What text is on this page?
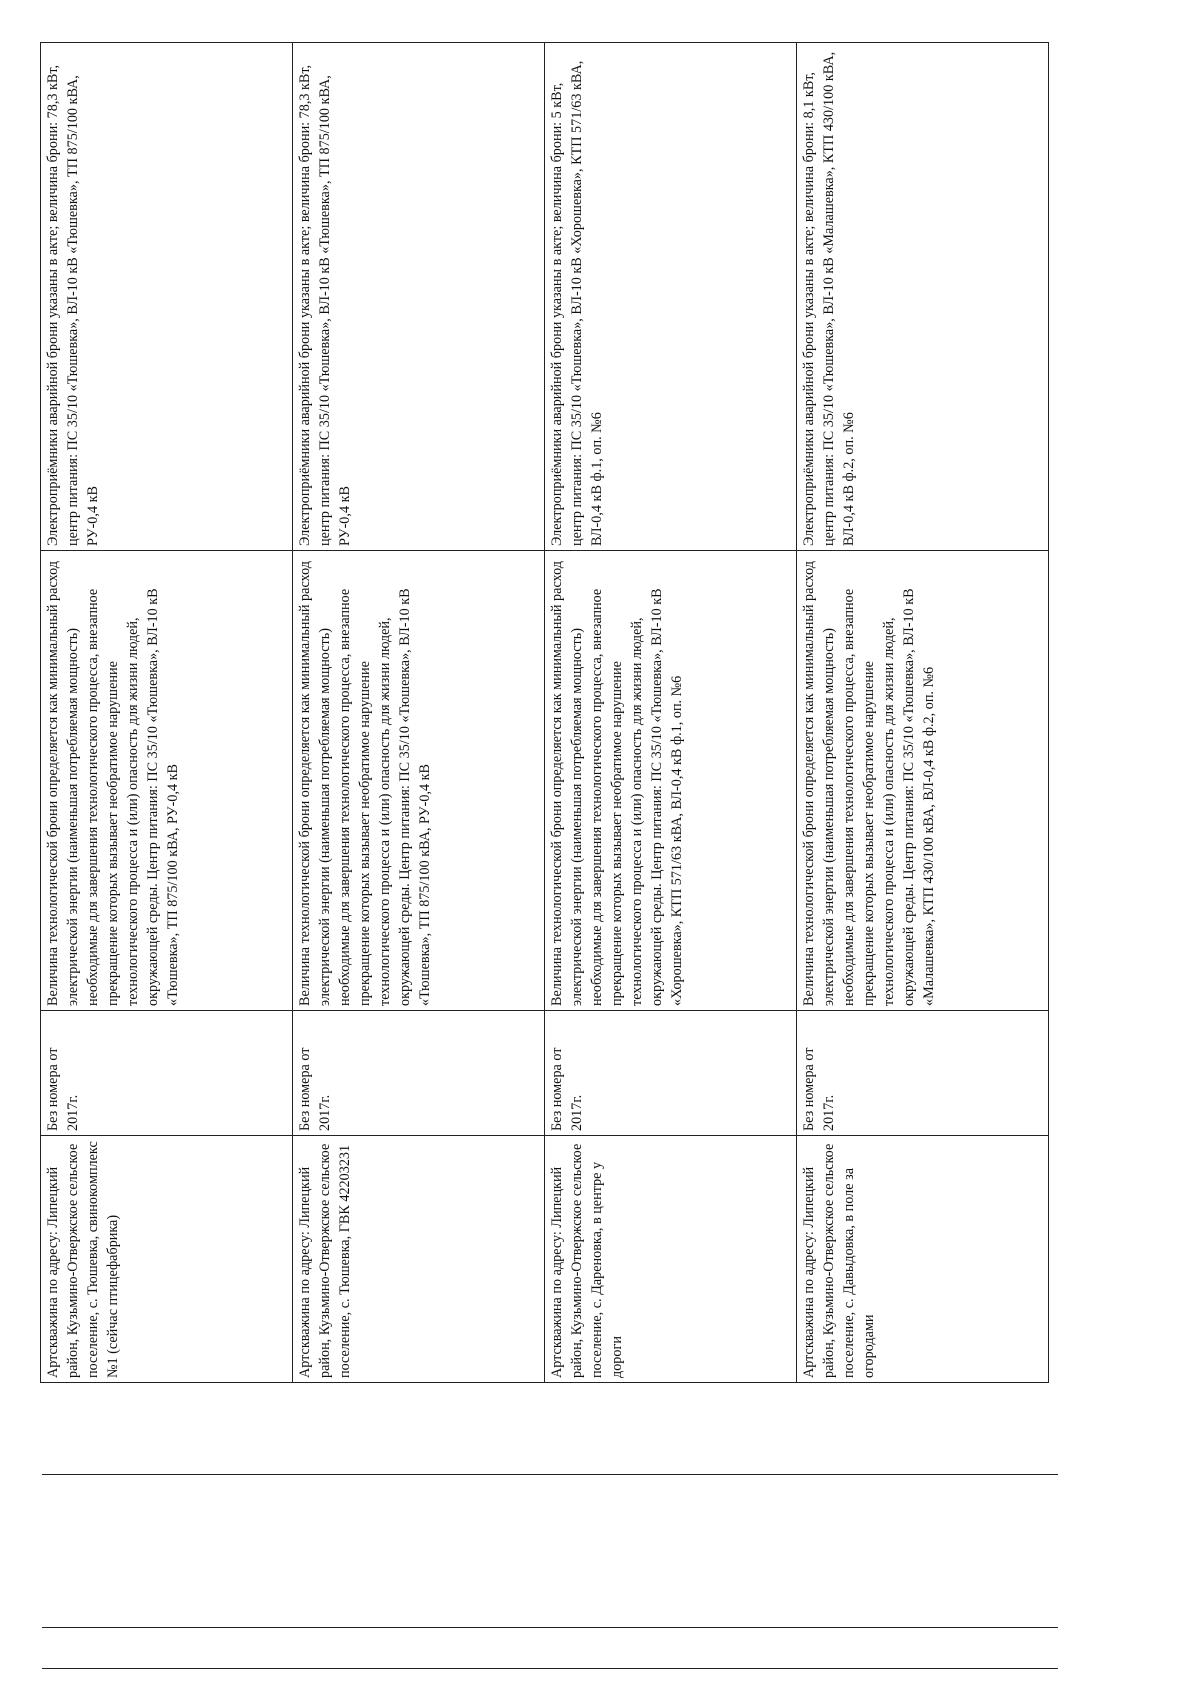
Артскважина по адресу: Липецкий район, Кузьмино-Отвержское сельское поселение, с. Тюшевка, свинокомплекс №1 (сейчас птицефабрика)	Без номера от 2017г.	Величина технологической брони определяется как минимальный расход электрической энергии (наименьшая потребляемая мощность) необходимые для завершения технологического процесса, внезапное прекращение которых вызывает необратимое нарушение технологического процесса и (или) опасность для жизни людей, окружающей среды. Центр питания: ПС 35/10 «Тюшевка», ВЛ-10 кВ «Тюшевка», ТП 875/100 кВА, РУ-0,4 кВ	Электроприёмники аварийной брони указаны в акте; величина брони: 78,3 кВт, центр питания: ПС 35/10 «Тюшевка», ВЛ-10 кВ «Тюшевка», ТП 875/100 кВА, РУ-0,4 кВ
Артскважина по адресу: Липецкий район, Кузьмино-Отвержское сельское поселение, с. Тюшевка, ГВК 42203231	Без номера от 2017г.	Величина технологической брони определяется как минимальный расход электрической энергии (наименьшая потребляемая мощность) необходимые для завершения технологического процесса, внезапное прекращение которых вызывает необратимое нарушение технологического процесса и (или) опасность для жизни людей, окружающей среды. Центр питания: ПС 35/10 «Тюшевка», ВЛ-10 кВ «Тюшевка», ТП 875/100 кВА, РУ-0,4 кВ	Электроприёмники аварийной брони указаны в акте; величина брони: 78,3 кВт, центр питания: ПС 35/10 «Тюшевка», ВЛ-10 кВ «Тюшевка», ТП 875/100 кВА, РУ-0,4 кВ
Артскважина по адресу: Липецкий район, Кузьмино-Отвержское сельское поселение, с. Дареновка, в центре у дороги	Без номера от 2017г.	Величина технологической брони определяется как минимальный расход электрической энергии (наименьшая потребляемая мощность) необходимые для завершения технологического процесса, внезапное прекращение которых вызывает необратимое нарушение технологического процесса и (или) опасность для жизни людей, окружающей среды. Центр питания: ПС 35/10 «Тюшевка», ВЛ-10 кВ «Хорошевка», КТП 571/63 кВА, ВЛ-0,4 кВ ф.1, оп. №6	Электроприёмники аварийной брони указаны в акте; величина брони: 5 кВт, центр питания: ПС 35/10 «Тюшевка», ВЛ-10 кВ «Хорошевка», КТП 571/63 кВА, ВЛ-0,4 кВ ф.1, оп. №6
Артскважина по адресу: Липецкий район, Кузьмино-Отвержское сельское поселение, с. Давыдовка, в поле за огородами	Без номера от 2017г.	Величина технологической брони определяется как минимальный расход электрической энергии (наименьшая потребляемая мощность) необходимые для завершения технологического процесса, внезапное прекращение которых вызывает необратимое нарушение технологического процесса и (или) опасность для жизни людей, окружающей среды. Центр питания: ПС 35/10 «Тюшевка», ВЛ-10 кВ «Малашевка», КТП 430/100 кВА, ВЛ-0,4 кВ ф.2, оп. №6	Электроприёмники аварийной брони указаны в акте; величина брони: 8,1 кВт, центр питания: ПС 35/10 «Тюшевка», ВЛ-10 кВ «Малашевка», КТП 430/100 кВА, ВЛ-0,4 кВ ф.2, оп. №6
